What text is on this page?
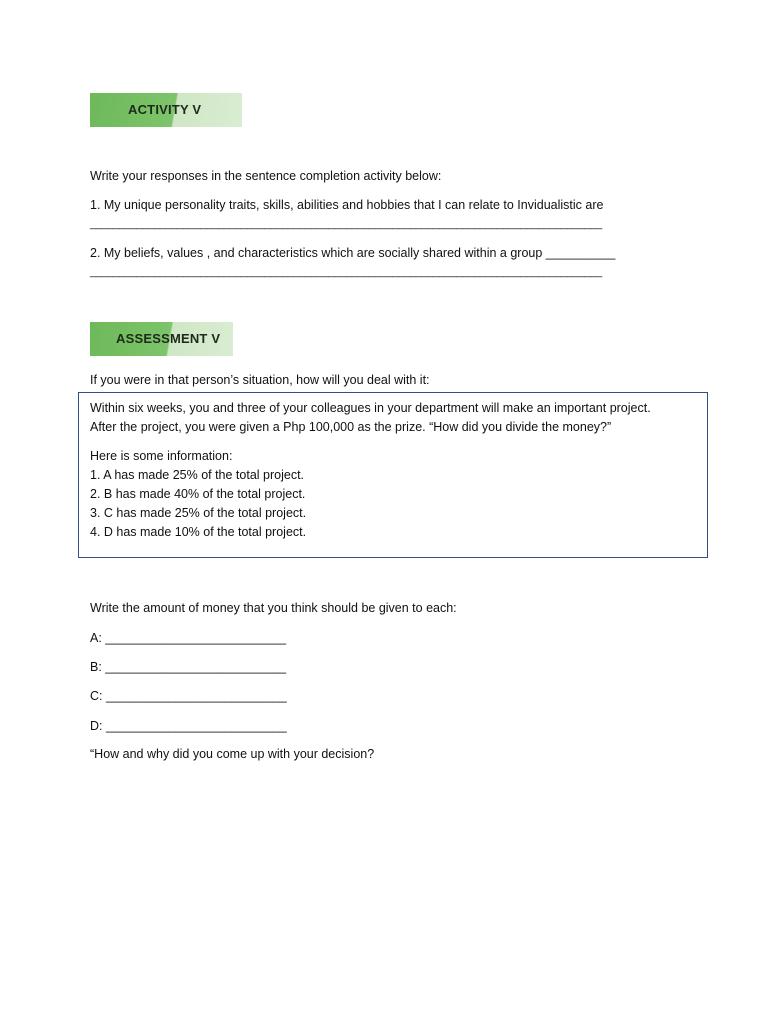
ACTIVITY V
Write your responses in the sentence completion activity below:
1. My unique personality traits, skills, abilities and hobbies that I can relate to Invidualistic are
________________________________________________________________________________________
2. My beliefs, values , and characteristics which are socially shared within a group __________
________________________________________________________________________________________
ASSESSMENT V
If you were in that person’s situation, how will you deal with it:
Within six weeks, you and three of your colleagues in your department will make an important project.
After the project, you were given a Php 100,000 as the prize. “How did you divide the money?”
Here is some information:
1. A has made 25% of the total project.
2. B has made 40% of the total project.
3. C has made 25% of the total project.
4. D has made 10% of the total project.
Write the amount of money that you think should be given to each:
A: __________________________
B: __________________________
C: __________________________
D: __________________________
“How and why did you come up with your decision?
